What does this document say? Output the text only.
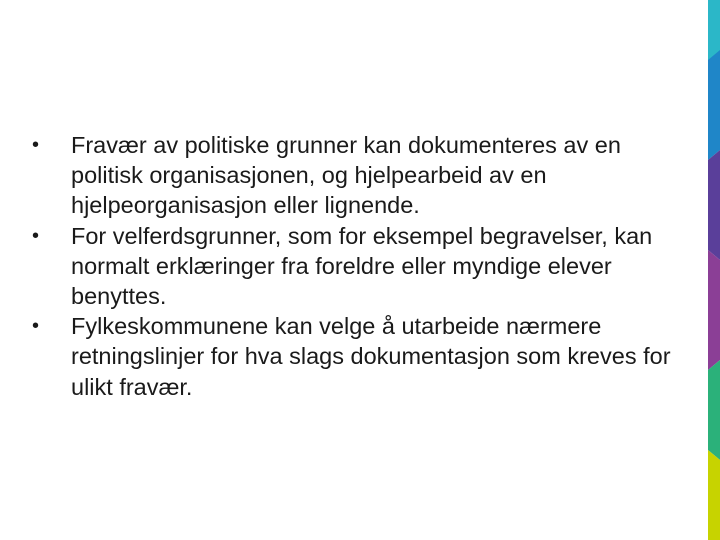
•	Fravær av politiske grunner kan dokumenteres av en politisk organisasjonen, og hjelpearbeid av en hjelpeorganisasjon eller lignende.
•	For velferdsgrunner, som for eksempel begravelser, kan normalt erklæringer fra foreldre eller myndige elever benyttes.
•	Fylkeskommunene kan velge å utarbeide nærmere retningslinjer for hva slags dokumentasjon som kreves for ulikt fravær.
